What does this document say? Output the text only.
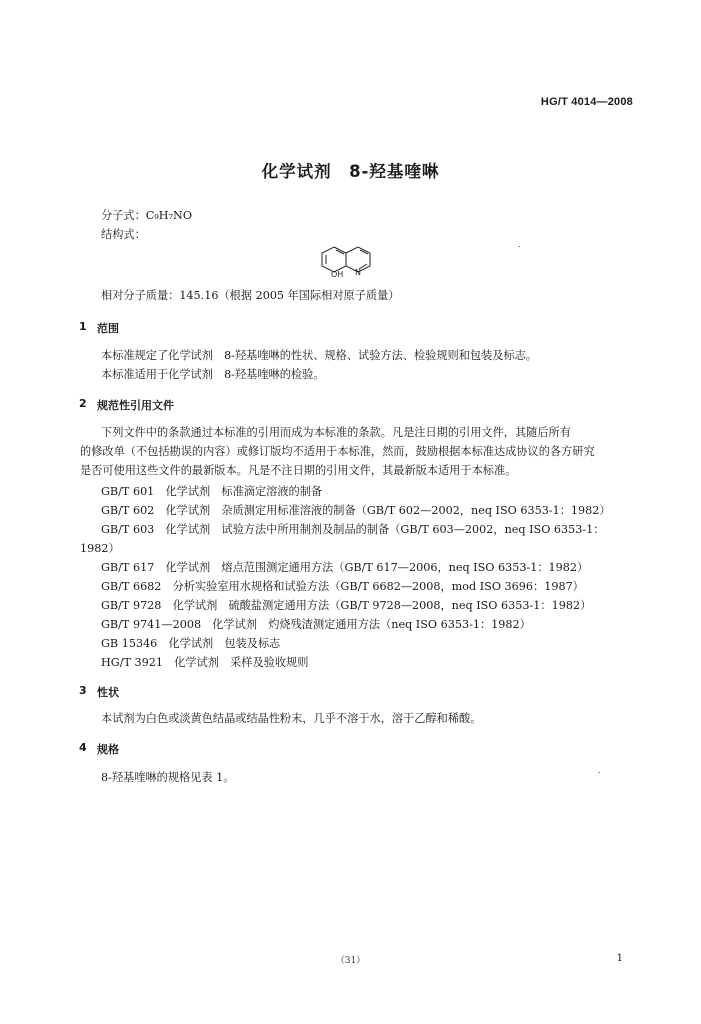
HG/T 4014—2008
化学试剂　8-羟基喹啉
分子式：C₉H₇NO
结构式：
OH N
相对分子质量：145.16（根据 2005 年国际相对原子质量）
1 范围
本标准规定了化学试剂　8-羟基喹啉的性状、规格、试验方法、检验规则和包装及标志。
本标准适用于化学试剂　8-羟基喹啉的检验。
2 规范性引用文件
下列文件中的条款通过本标准的引用而成为本标准的条款。凡是注日期的引用文件，其随后所有
的修改单（不包括勘误的内容）或修订版均不适用于本标准，然而，鼓励根据本标准达成协议的各方研究
是否可使用这些文件的最新版本。凡是不注日期的引用文件，其最新版本适用于本标准。
GB/T 601　化学试剂　标准滴定溶液的制备
GB/T 602　化学试剂　杂质测定用标准溶液的制备（GB/T 602—2002，neq ISO 6353-1：1982）
GB/T 603　化学试剂　试验方法中所用制剂及制品的制备（GB/T 603—2002，neq ISO 6353-1：
1982）
GB/T 617　化学试剂　熔点范围测定通用方法（GB/T 617—2006，neq ISO 6353-1：1982）
GB/T 6682　分析实验室用水规格和试验方法（GB/T 6682—2008，mod ISO 3696：1987）
GB/T 9728　化学试剂　硫酸盐测定通用方法（GB/T 9728—2008，neq ISO 6353-1：1982）
GB/T 9741—2008　化学试剂　灼烧残渣测定通用方法（neq ISO 6353-1：1982）
GB 15346　化学试剂　包装及标志
HG/T 3921　化学试剂　采样及验收规则
3 性状
本试剂为白色或淡黄色结晶或结晶性粉末，几乎不溶于水，溶于乙醇和稀酸。
4 规格
8-羟基喹啉的规格见表 1。
（31）	1
